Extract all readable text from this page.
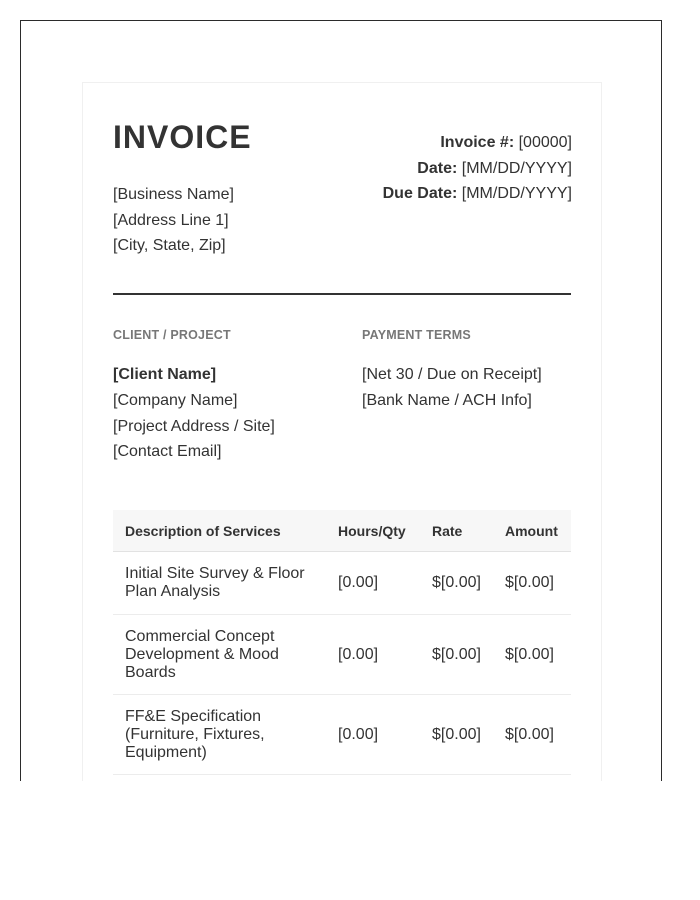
INVOICE
[Business Name]
[Address Line 1]
[City, State, Zip]
Invoice #: [00000]
Date: [MM/DD/YYYY]
Due Date: [MM/DD/YYYY]
CLIENT / PROJECT	PAYMENT TERMS
[Client Name]
[Company Name]
[Project Address / Site]
[Contact Email]
[Net 30 / Due on Receipt]
[Bank Name / ACH Info]
Description of Services	Hours/Qty	Rate	Amount
Initial Site Survey & Floor Plan Analysis	[0.00]	$[0.00]	$[0.00]
Commercial Concept Development & Mood Boards	[0.00]	$[0.00]	$[0.00]
FF&E Specification (Furniture, Fixtures, Equipment)	[0.00]	$[0.00]	$[0.00]
